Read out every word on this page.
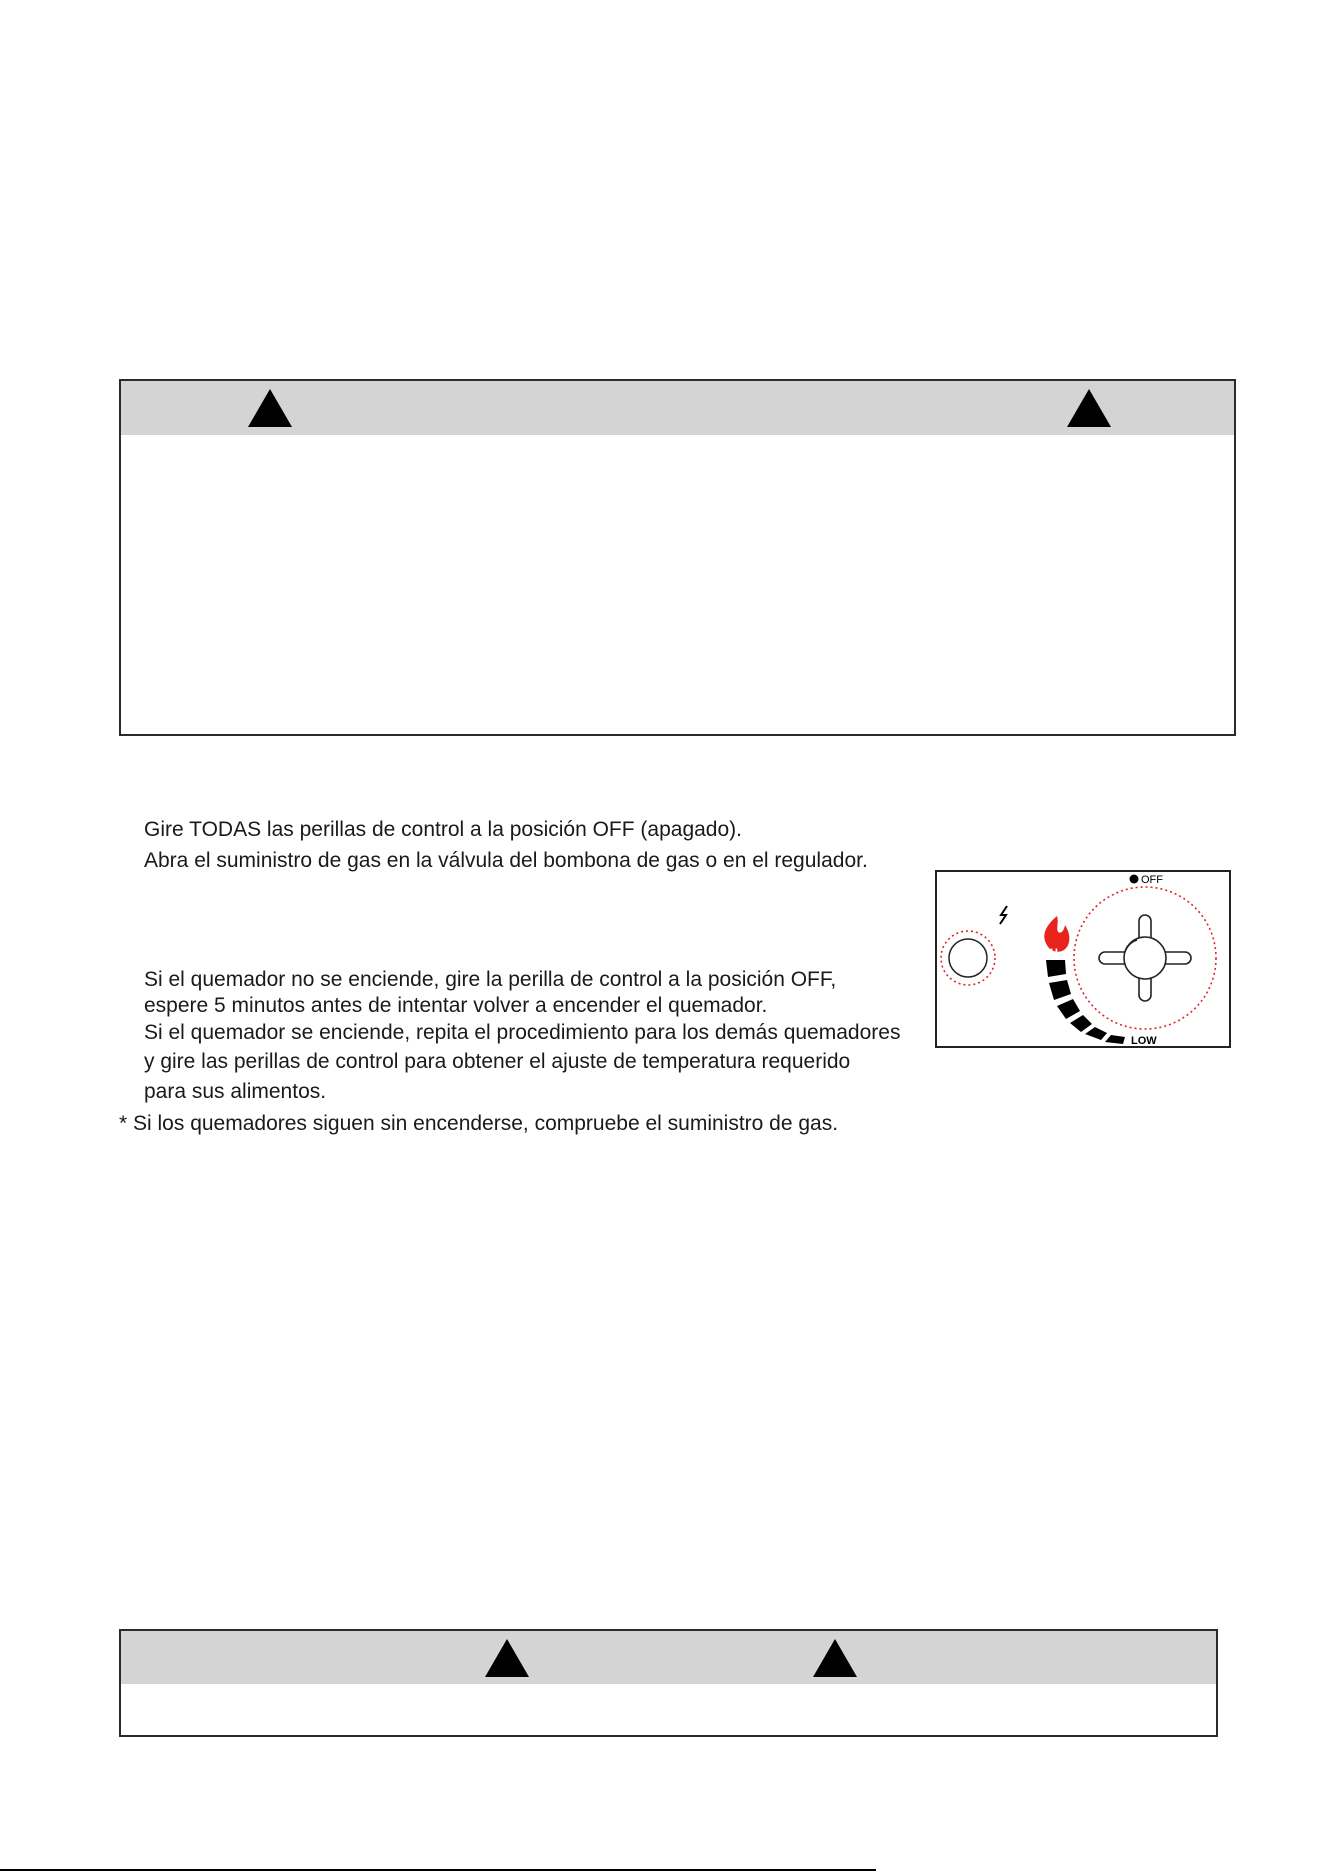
Gire TODAS las perillas de control a la posición OFF (apagado).
Abra el suministro de gas en la válvula del bombona de gas o en el regulador.
Si el quemador no se enciende, gire la perilla de control a la posición OFF,
espere 5 minutos antes de intentar volver a encender el quemador.
Si el quemador se enciende, repita el procedimiento para los demás quemadores
y gire las perillas de control para obtener el ajuste de temperatura requerido
para sus alimentos.
* Si los quemadores siguen sin encenderse, compruebe el suministro de gas.
OFF
H
LOW
